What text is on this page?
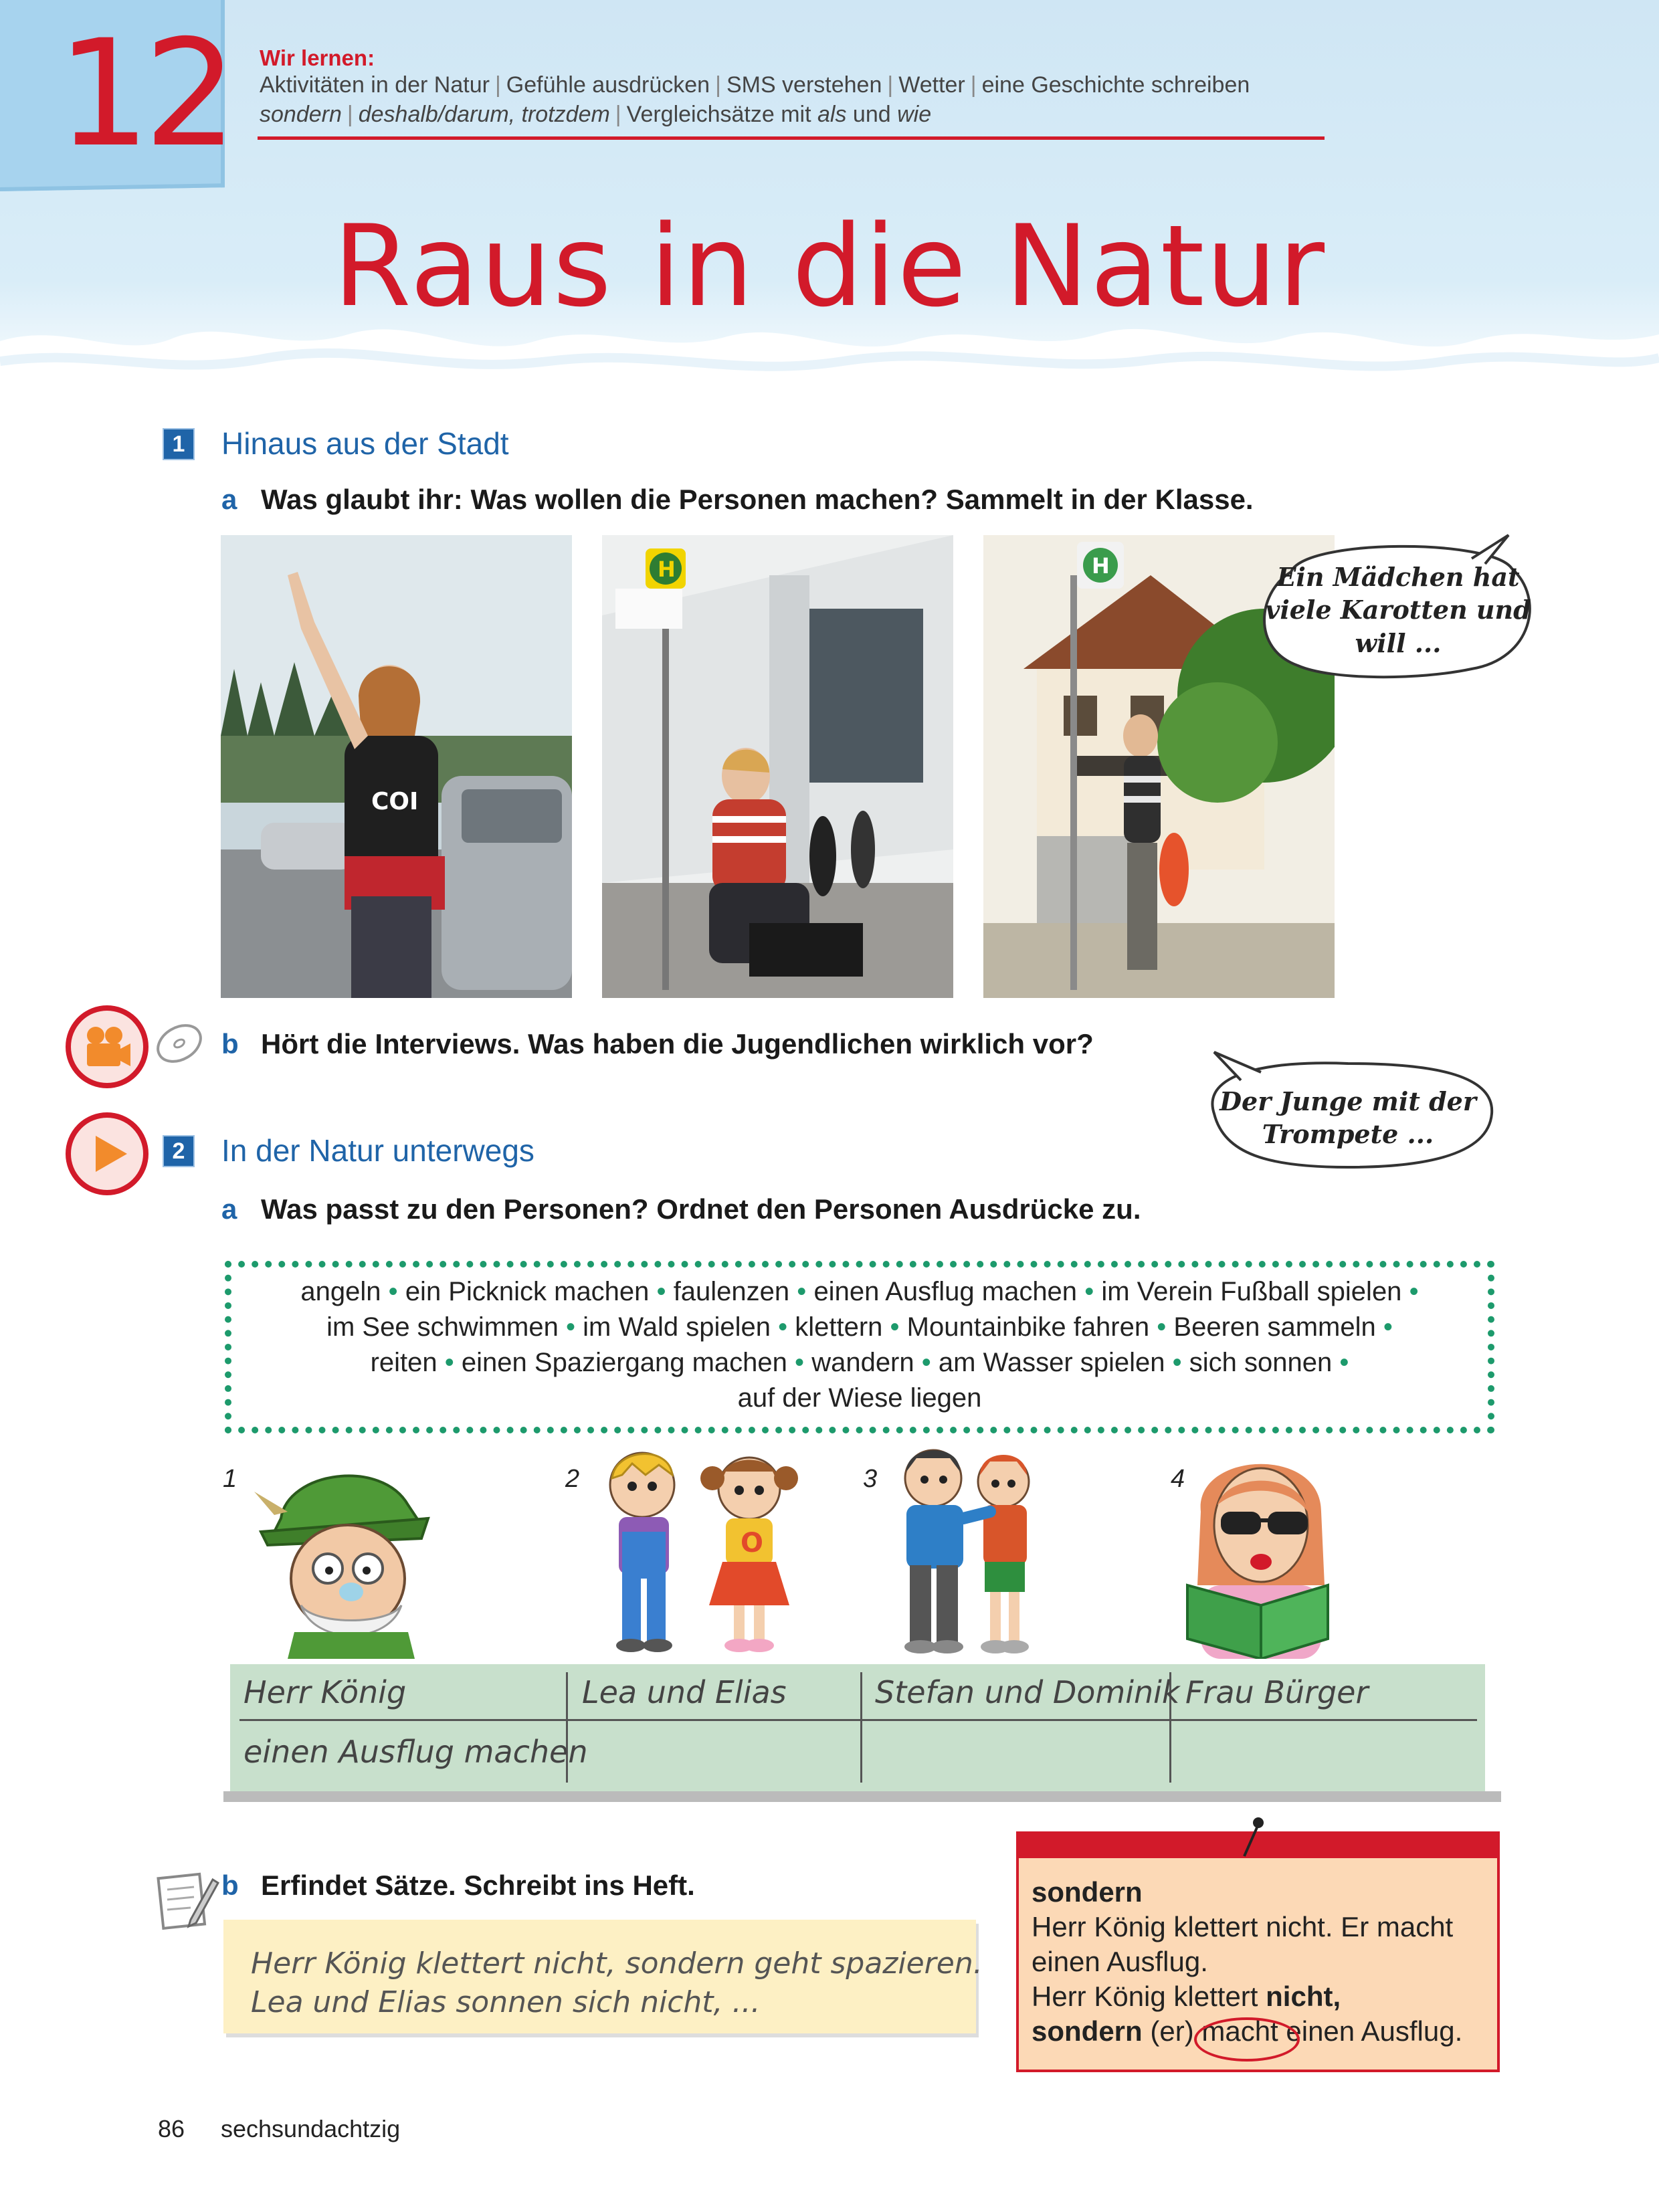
12 Wir lernen:
Aktivitäten in der Natur | Gefühle ausdrücken | SMS verstehen | Wetter | eine Geschichte schreiben
sondern | deshalb/darum, trotzdem | Vergleichsätze mit als und wie
Raus in die Natur
1	Hinaus aus der Stadt
a Was glaubt ihr: Was wollen die Personen machen? Sammelt in der Klasse.
COI
H	H	Ein Mädchen hat
viele Karotten und
will ...
b Hört die Interviews. Was haben die Jugendlichen wirklich vor?
Der Junge mit der
Trompete ...
2	In der Natur unterwegs
a Was passt zu den Personen? Ordnet den Personen Ausdrücke zu.
angeln • ein Picknick machen • faulenzen • einen Ausflug machen • im Verein Fußball spielen •
im See schwimmen • im Wald spielen • klettern • Mountainbike fahren • Beeren sammeln •
reiten • einen Spaziergang machen • wandern • am Wasser spielen • sich sonnen •
auf der Wiese liegen
1	2
O
3	4
Herr König	Lea und Elias	Stefan und Dominik Frau Bürger
einen Ausflug machen
b Erfindet Sätze. Schreibt ins Heft.
Herr König klettert nicht, sondern geht spazieren.
Lea und Elias sonnen sich nicht, ...
sondern
Herr König klettert nicht. Er macht
einen Ausflug.
Herr König klettert nicht,
sondern (er) macht einen Ausflug.
86 sechsundachtzig
